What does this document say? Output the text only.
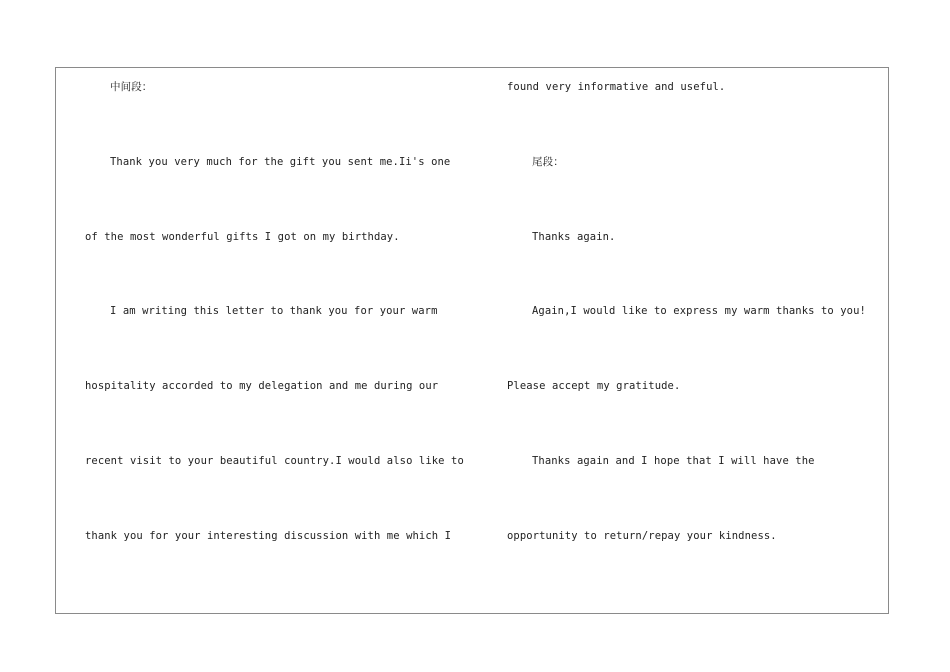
中间段：
Thank you very much for the gift you sent me.Ii's one
of the most wonderful gifts I got on my birthday.
I am writing this letter to thank you for your warm
hospitality accorded to my delegation and me during our
recent visit to your beautiful country.I would also like to
thank you for your interesting discussion with me which I
found very informative and useful.
尾段：
Thanks again.
Again,I would like to express my warm thanks to you!
Please accept my gratitude.
Thanks again and I hope that I will have the
opportunity to return/repay your kindness.
